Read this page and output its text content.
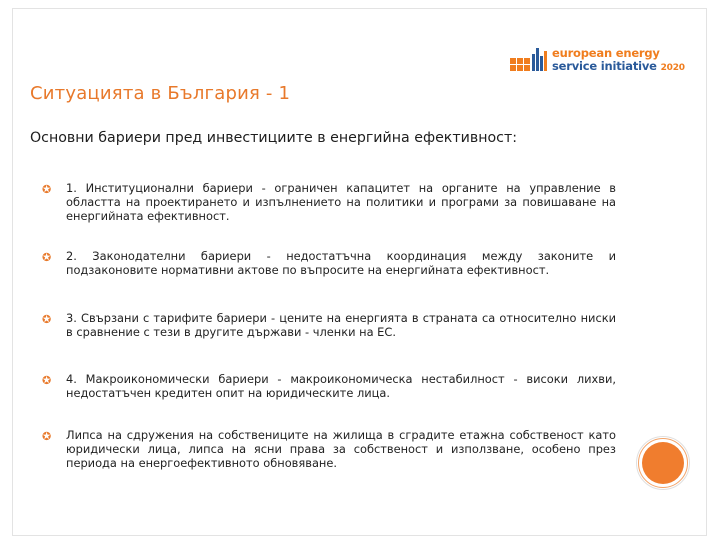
european energy
service initiative 2020
Ситуацията в България - 1
Основни бариери пред инвестициите в енергийна ефективност:
✪ 1. Институционални бариери - ограничен капацитет на органите на управление в областта на проектирането и изпълнението на политики и програми за повишаване на енергийната ефективност.
✪ 2. Законодателни бариери - недостатъчна координация между законите и подзаконовите нормативни актове по въпросите на енергийната ефективност.
✪ 3. Свързани с тарифите бариери - цените на енергията в страната са относително ниски в сравнение с тези в другите държави - членки на ЕС.
✪ 4. Макроикономически бариери - макроикономическа нестабилност - високи лихви, недостатъчен кредитен опит на юридическите лица.
✪ Липса на сдружения на собствениците на жилища в сградите етажна собственост като юридически лица, липса на ясни права за собственост и използване, особено през периода на енергоефективното обновяване.
